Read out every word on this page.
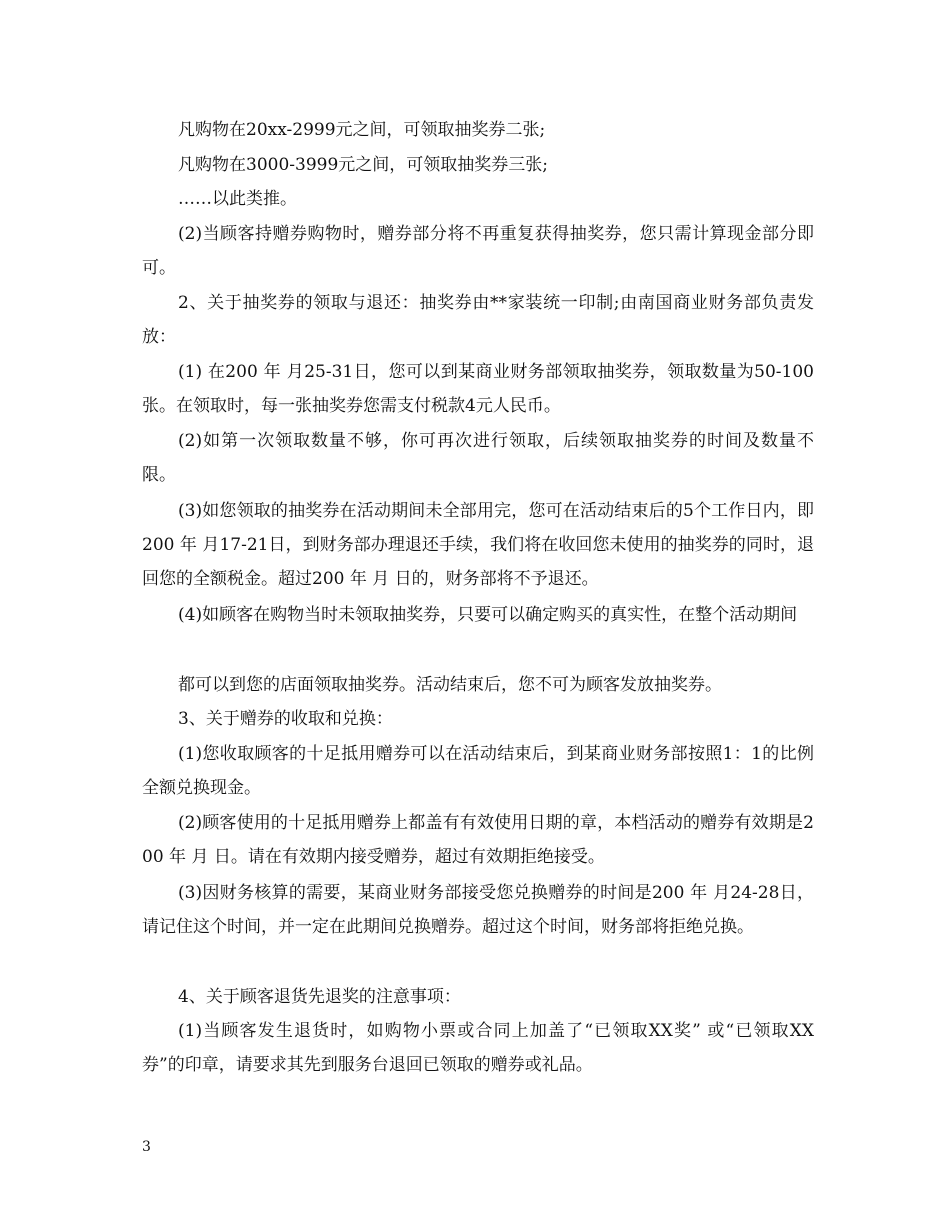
凡购物在20xx-2999元之间，可领取抽奖券二张;

凡购物在3000-3999元之间，可领取抽奖券三张;

……以此类推。

(2)当顾客持赠券购物时，赠券部分将不再重复获得抽奖券，您只需计算现金部分即可。

2、关于抽奖券的领取与退还：抽奖券由**家装统一印制;由南国商业财务部负责发放：

(1) 在200 年 月25-31日，您可以到某商业财务部领取抽奖券，领取数量为50-100张。在领取时，每一张抽奖券您需支付税款4元人民币。

(2)如第一次领取数量不够，你可再次进行领取，后续领取抽奖券的时间及数量不限。

(3)如您领取的抽奖券在活动期间未全部用完，您可在活动结束后的5个工作日内，即200 年 月17-21日，到财务部办理退还手续，我们将在收回您未使用的抽奖券的同时，退回您的全额税金。超过200 年 月 日的，财务部将不予退还。

(4)如顾客在购物当时未领取抽奖券，只要可以确定购买的真实性，在整个活动期间

都可以到您的店面领取抽奖券。活动结束后，您不可为顾客发放抽奖券。

3、关于赠券的收取和兑换：

(1)您收取顾客的十足抵用赠券可以在活动结束后，到某商业财务部按照1：1的比例全额兑换现金。

(2)顾客使用的十足抵用赠券上都盖有有效使用日期的章，本档活动的赠券有效期是200 年 月 日。请在有效期内接受赠券，超过有效期拒绝接受。

(3)因财务核算的需要，某商业财务部接受您兑换赠券的时间是200 年 月24-28日，请记住这个时间，并一定在此期间兑换赠券。超过这个时间，财务部将拒绝兑换。

4、关于顾客退货先退奖的注意事项：

(1)当顾客发生退货时，如购物小票或合同上加盖了“已领取XX奖” 或“已领取XX券”的印章，请要求其先到服务台退回已领取的赠券或礼品。

3
